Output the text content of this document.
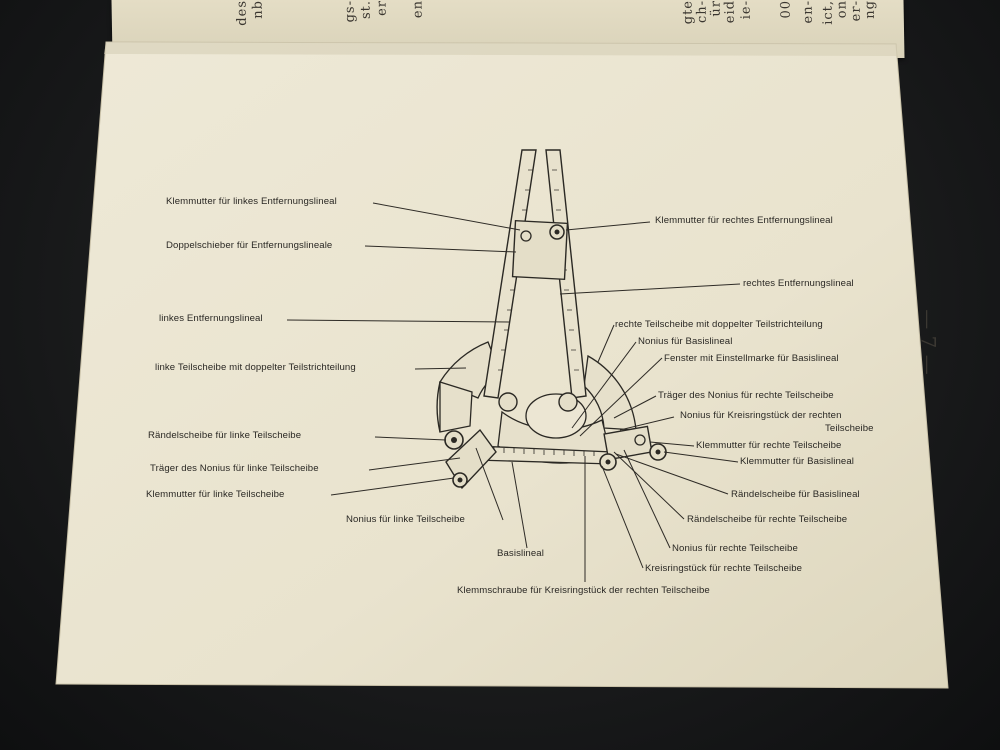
ng
er-
on
ict,
en-
00
ie-
eid
ür
ch-
gte
en
er
st.
gs-
nb
des
— 7 —
Klemmutter für linkes Entfernungslineal
Doppelschieber für Entfernungslineale
linkes Entfernungslineal
linke Teilscheibe mit doppelter Teilstrichteilung
Rändelscheibe für linke Teilscheibe
Träger des Nonius für linke Teilscheibe
Klemmutter für linke Teilscheibe
Nonius für linke Teilscheibe
Basislineal
Klemmschraube für Kreisringstück der rechten Teilscheibe
Klemmutter für rechtes Entfernungslineal
rechtes Entfernungslineal
rechte Teilscheibe mit doppelter Teilstrichteilung
Nonius für Basislineal
Fenster mit Einstellmarke für Basislineal
Träger des Nonius für rechte Teilscheibe
Nonius für Kreisringstück der rechten
Teilscheibe
Klemmutter für rechte Teilscheibe
Klemmutter für Basislineal
Rändelscheibe für Basislineal
Rändelscheibe für rechte Teilscheibe
Nonius für rechte Teilscheibe
Kreisringstück für rechte Teilscheibe
